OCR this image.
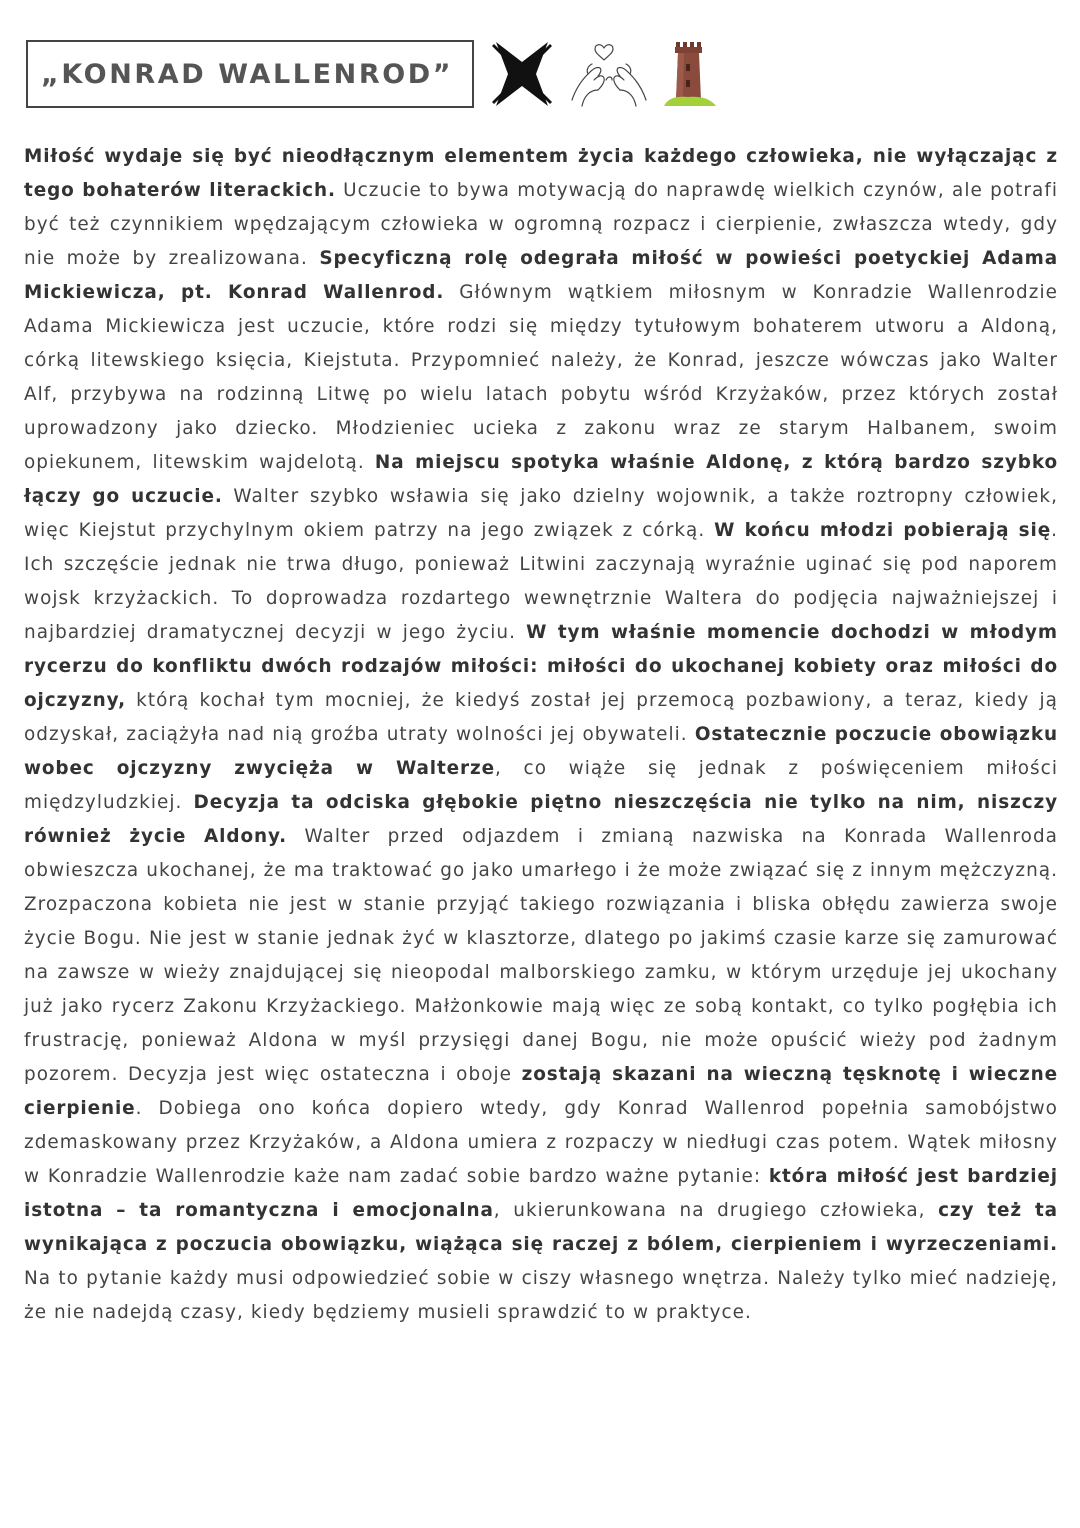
„KONRAD WALLENROD”

Miłość wydaje się być nieodłącznym elementem życia każdego człowieka, nie wyłączając z tego bohaterów literackich. Uczucie to bywa motywacją do naprawdę wielkich czynów, ale potrafi być też czynnikiem wpędzającym człowieka w ogromną rozpacz i cierpienie, zwłaszcza wtedy, gdy nie może by zrealizowana. Specyficzną rolę odegrała miłość w powieści poetyckiej Adama Mickiewicza, pt. Konrad Wallenrod. Głównym wątkiem miłosnym w Konradzie Wallenrodzie Adama Mickiewicza jest uczucie, które rodzi się między tytułowym bohaterem utworu a Aldoną, córką litewskiego księcia, Kiejstuta. Przypomnieć należy, że Konrad, jeszcze wówczas jako Walter Alf, przybywa na rodzinną Litwę po wielu latach pobytu wśród Krzyżaków, przez których został uprowadzony jako dziecko. Młodzieniec ucieka z zakonu wraz ze starym Halbanem, swoim opiekunem, litewskim wajdelotą. Na miejscu spotyka właśnie Aldonę, z którą bardzo szybko łączy go uczucie. Walter szybko wsławia się jako dzielny wojownik, a także roztropny człowiek, więc Kiejstut przychylnym okiem patrzy na jego związek z córką. W końcu młodzi pobierają się. Ich szczęście jednak nie trwa długo, ponieważ Litwini zaczynają wyraźnie uginać się pod naporem wojsk krzyżackich. To doprowadza rozdartego wewnętrznie Waltera do podjęcia najważniejszej i najbardziej dramatycznej decyzji w jego życiu. W tym właśnie momencie dochodzi w młodym rycerzu do konfliktu dwóch rodzajów miłości: miłości do ukochanej kobiety oraz miłości do ojczyzny, którą kochał tym mocniej, że kiedyś został jej przemocą pozbawiony, a teraz, kiedy ją odzyskał, zaciążyła nad nią groźba utraty wolności jej obywateli. Ostatecznie poczucie obowiązku wobec ojczyzny zwycięża w Walterze, co wiąże się jednak z poświęceniem miłości międzyludzkiej. Decyzja ta odciska głębokie piętno nieszczęścia nie tylko na nim, niszczy również życie Aldony. Walter przed odjazdem i zmianą nazwiska na Konrada Wallenroda obwieszcza ukochanej, że ma traktować go jako umarłego i że może związać się z innym mężczyzną. Zrozpaczona kobieta nie jest w stanie przyjąć takiego rozwiązania i bliska obłędu zawierza swoje życie Bogu. Nie jest w stanie jednak żyć w klasztorze, dlatego po jakimś czasie karze się zamurować na zawsze w wieży znajdującej się nieopodal malborskiego zamku, w którym urzęduje jej ukochany już jako rycerz Zakonu Krzyżackiego. Małżonkowie mają więc ze sobą kontakt, co tylko pogłębia ich frustrację, ponieważ Aldona w myśl przysięgi danej Bogu, nie może opuścić wieży pod żadnym pozorem. Decyzja jest więc ostateczna i oboje zostają skazani na wieczną tęsknotę i wieczne cierpienie. Dobiega ono końca dopiero wtedy, gdy Konrad Wallenrod popełnia samobójstwo zdemaskowany przez Krzyżaków, a Aldona umiera z rozpaczy w niedługi czas potem. Wątek miłosny w Konradzie Wallenrodzie każe nam zadać sobie bardzo ważne pytanie: która miłość jest bardziej istotna – ta romantyczna i emocjonalna, ukierunkowana na drugiego człowieka, czy też ta wynikająca z poczucia obowiązku, wiążąca się raczej z bólem, cierpieniem i wyrzeczeniami. Na to pytanie każdy musi odpowiedzieć sobie w ciszy własnego wnętrza. Należy tylko mieć nadzieję, że nie nadejdą czasy, kiedy będziemy musieli sprawdzić to w praktyce.
